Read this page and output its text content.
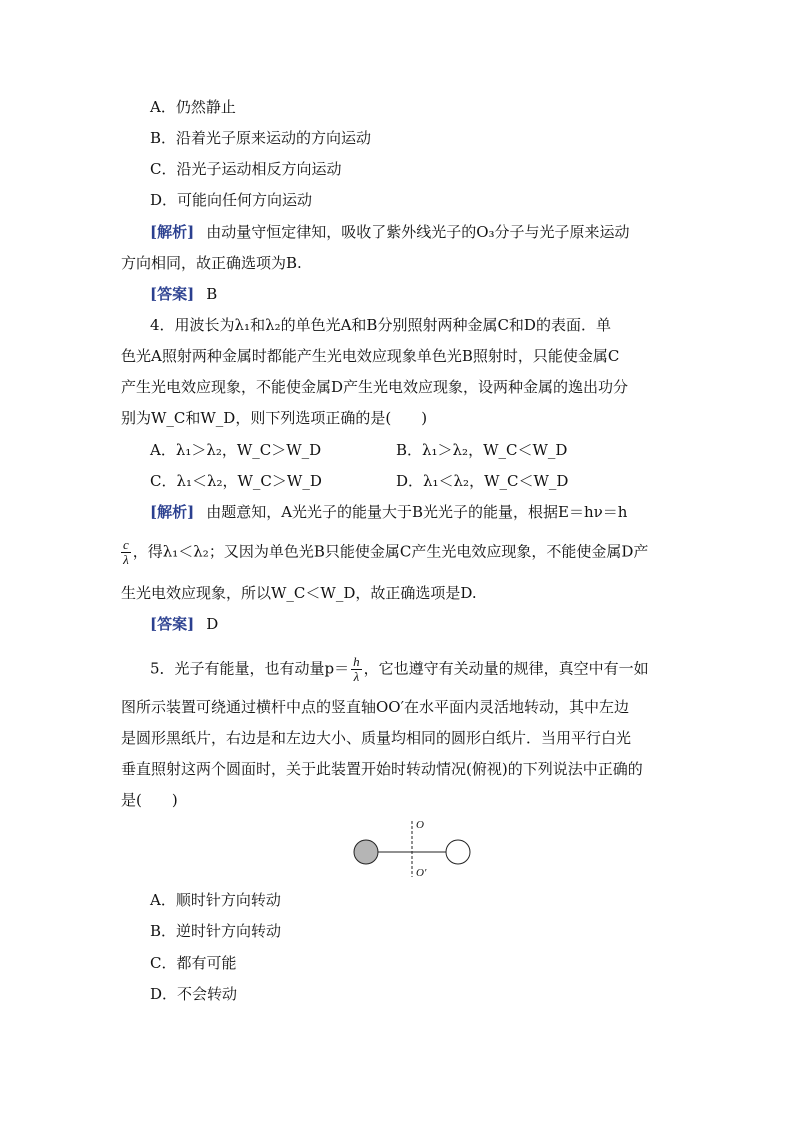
A．仍然静止
B．沿着光子原来运动的方向运动
C．沿光子运动相反方向运动
D．可能向任何方向运动
[解析] 由动量守恒定律知，吸收了紫外线光子的O₃分子与光子原来运动
方向相同，故正确选项为B.
[答案] B
4．用波长为λ₁和λ₂的单色光A和B分别照射两种金属C和D的表面．单
色光A照射两种金属时都能产生光电效应现象单色光B照射时，只能使金属C
产生光电效应现象，不能使金属D产生光电效应现象，设两种金属的逸出功分
别为W_C和W_D，则下列选项正确的是(　　)
A．λ₁＞λ₂，W_C＞W_D	B．λ₁＞λ₂，W_C＜W_D
C．λ₁＜λ₂，W_C＞W_D	D．λ₁＜λ₂，W_C＜W_D
[解析] 由题意知，A光光子的能量大于B光光子的能量，根据E＝hν＝h
$\frac{c}{\lambda}$ ，得λ₁＜λ₂；又因为单色光B只能使金属C产生光电效应现象，不能使金属D产
生光电效应现象，所以W_C＜W_D，故正确选项是D.
[答案] D
5．光子有能量，也有动量$p= \frac{h}{\lambda}$ ，它也遵守有关动量的规律，真空中有一如
图所示装置可绕通过横杆中点的竖直轴OO′在水平面内灵活地转动，其中左边
是圆形黑纸片，右边是和左边大小、质量均相同的圆形白纸片．当用平行白光
垂直照射这两个圆面时，关于此装置开始时转动情况(俯视)的下列说法中正确的
是(　　)
O
O′
A．顺时针方向转动
B．逆时针方向转动
C．都有可能
D．不会转动
